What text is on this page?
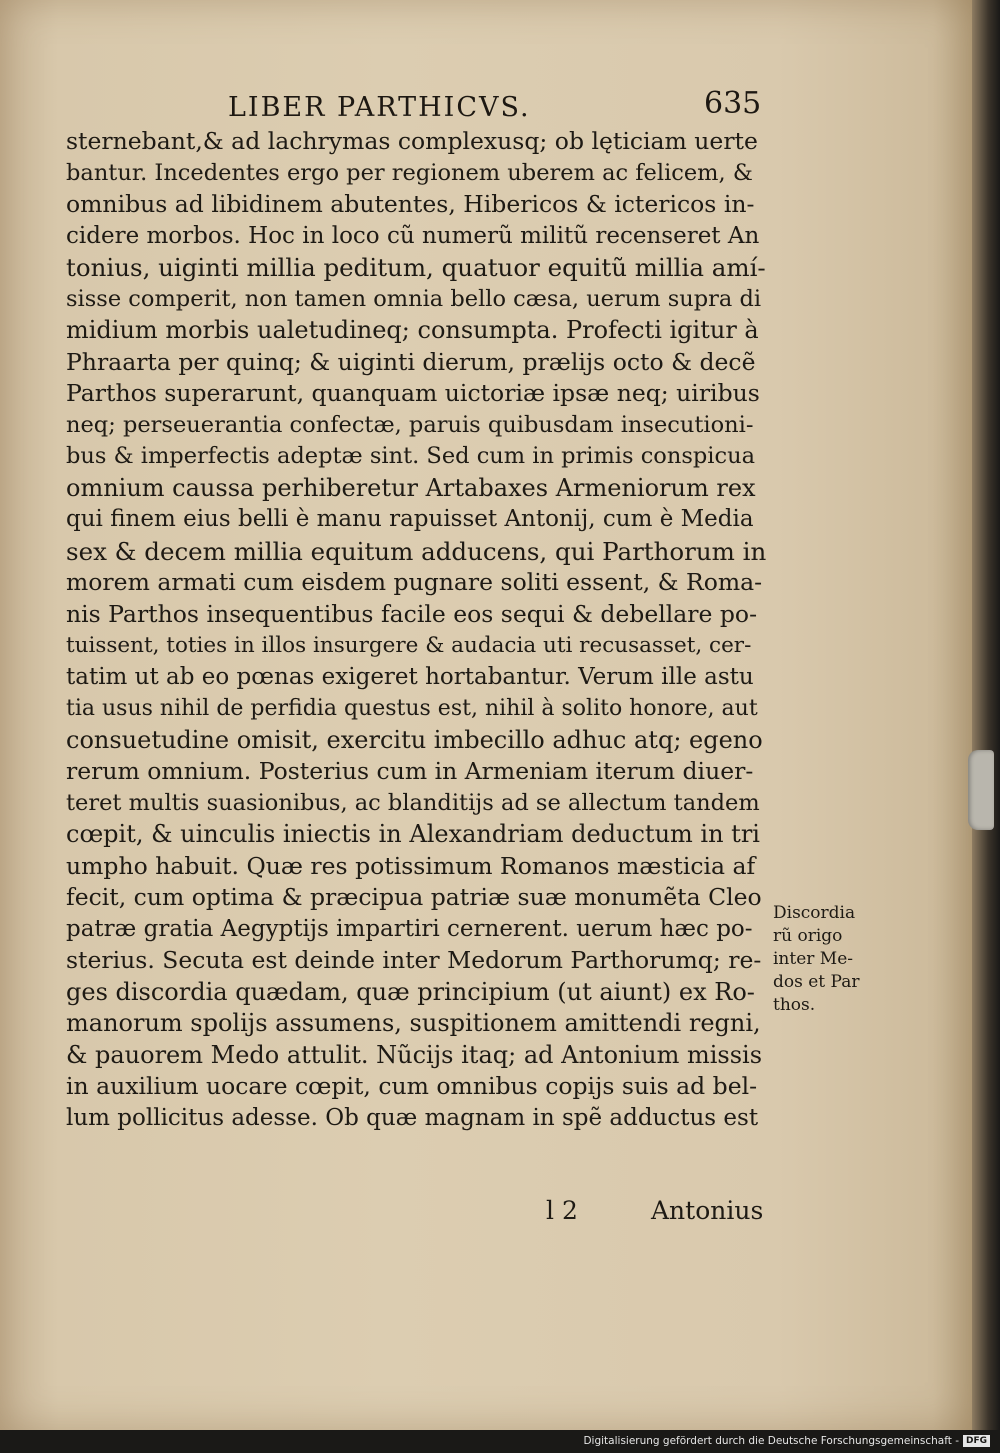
LIBER PARTHICVS.	635
sternebant,& ad lachrymas complexusq; ob lęticiam uerte
bantur. Incedentes ergo per regionem uberem ac felicem, &
omnibus ad libidinem abutentes, Hibericos & ictericos in-
cidere morbos. Hoc in loco cũ numerũ militũ recenseret An
tonius, uiginti millia peditum, quatuor equitũ millia amí-
sisse comperit, non tamen omnia bello cæsa, uerum supra di
midium morbis ualetudineq; consumpta. Profecti igitur à
Phraarta per quinq; & uiginti dierum, prælijs octo & decẽ
Parthos superarunt, quanquam uictoriæ ipsæ neq; uiribus
neq; perseuerantia confectæ, paruis quibusdam insecutioni-
bus & imperfectis adeptæ sint. Sed cum in primis conspicua
omnium caussa perhiberetur Artabaxes Armeniorum rex
qui finem eius belli è manu rapuisset Antonij, cum è Media
sex & decem millia equitum adducens, qui Parthorum in
morem armati cum eisdem pugnare soliti essent, & Roma-
nis Parthos insequentibus facile eos sequi & debellare po-
tuissent, toties in illos insurgere & audacia uti recusasset, cer-
tatim ut ab eo pœnas exigeret hortabantur. Verum ille astu
tia usus nihil de perfidia questus est, nihil à solito honore, aut
consuetudine omisit, exercitu imbecillo adhuc atq; egeno
rerum omnium. Posterius cum in Armeniam iterum diuer-
teret multis suasionibus, ac blanditijs ad se allectum tandem
cœpit, & uinculis iniectis in Alexandriam deductum in tri
umpho habuit. Quæ res potissimum Romanos mæsticia af
fecit, cum optima & præcipua patriæ suæ monumẽta Cleo
patræ gratia Aegyptijs impartiri cernerent. uerum hæc po-
sterius. Secuta est deinde inter Medorum Parthorumq; re-
ges discordia quædam, quæ principium (ut aiunt) ex Ro-
manorum spolijs assumens, suspitionem amittendi regni,
& pauorem Medo attulit. Nũcijs itaq; ad Antonium missis
in auxilium uocare cœpit, cum omnibus copijs suis ad bel-
lum pollicitus adesse. Ob quæ magnam in spẽ adductus est
l 2	Antonius
Discordia
rũ origo
inter Me-
dos et Par
thos.
Digitalisierung gefördert durch die Deutsche Forschungsgemeinschaft - DFG
